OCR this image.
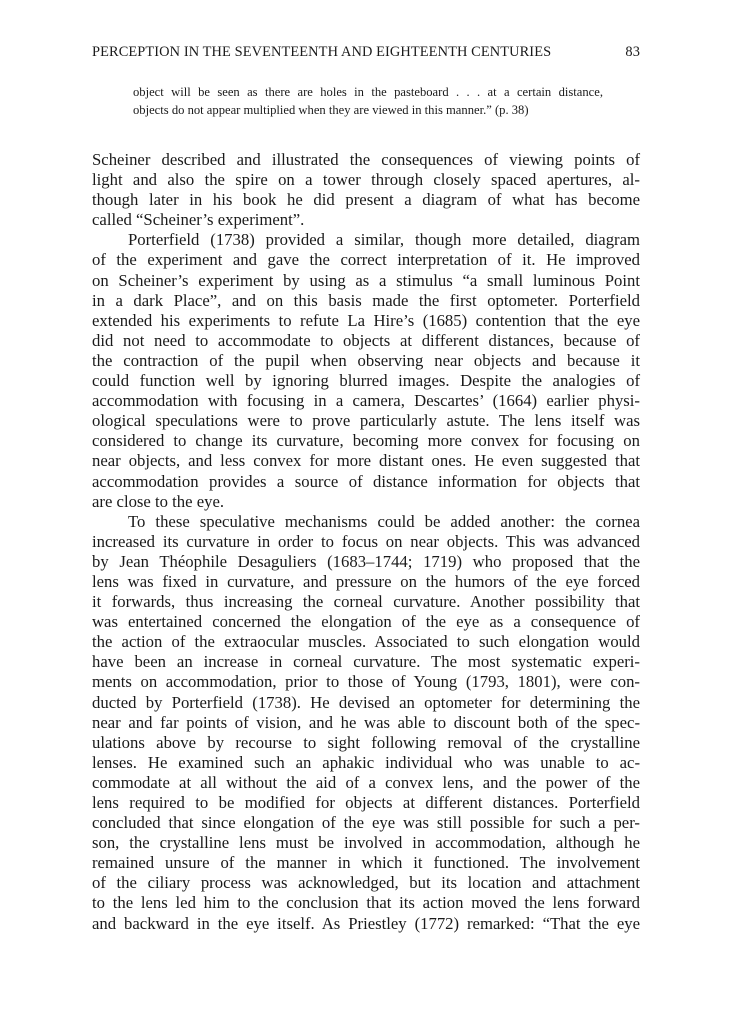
PERCEPTION IN THE SEVENTEENTH AND EIGHTEENTH CENTURIES	83
object will be seen as there are holes in the pasteboard . . . at a certain distance,
objects do not appear multiplied when they are viewed in this manner.” (p. 38)
Scheiner described and illustrated the consequences of viewing points of
light and also the spire on a tower through closely spaced apertures, al-
though later in his book he did present a diagram of what has become
called “Scheiner’s experiment”.
Porterfield (1738) provided a similar, though more detailed, diagram
of the experiment and gave the correct interpretation of it. He improved
on Scheiner’s experiment by using as a stimulus “a small luminous Point
in a dark Place”, and on this basis made the first optometer. Porterfield
extended his experiments to refute La Hire’s (1685) contention that the eye
did not need to accommodate to objects at different distances, because of
the contraction of the pupil when observing near objects and because it
could function well by ignoring blurred images. Despite the analogies of
accommodation with focusing in a camera, Descartes’ (1664) earlier physi-
ological speculations were to prove particularly astute. The lens itself was
considered to change its curvature, becoming more convex for focusing on
near objects, and less convex for more distant ones. He even suggested that
accommodation provides a source of distance information for objects that
are close to the eye.
To these speculative mechanisms could be added another: the cornea
increased its curvature in order to focus on near objects. This was advanced
by Jean Théophile Desaguliers (1683–1744; 1719) who proposed that the
lens was fixed in curvature, and pressure on the humors of the eye forced
it forwards, thus increasing the corneal curvature. Another possibility that
was entertained concerned the elongation of the eye as a consequence of
the action of the extraocular muscles. Associated to such elongation would
have been an increase in corneal curvature. The most systematic experi-
ments on accommodation, prior to those of Young (1793, 1801), were con-
ducted by Porterfield (1738). He devised an optometer for determining the
near and far points of vision, and he was able to discount both of the spec-
ulations above by recourse to sight following removal of the crystalline
lenses. He examined such an aphakic individual who was unable to ac-
commodate at all without the aid of a convex lens, and the power of the
lens required to be modified for objects at different distances. Porterfield
concluded that since elongation of the eye was still possible for such a per-
son, the crystalline lens must be involved in accommodation, although he
remained unsure of the manner in which it functioned. The involvement
of the ciliary process was acknowledged, but its location and attachment
to the lens led him to the conclusion that its action moved the lens forward
and backward in the eye itself. As Priestley (1772) remarked: “That the eye
